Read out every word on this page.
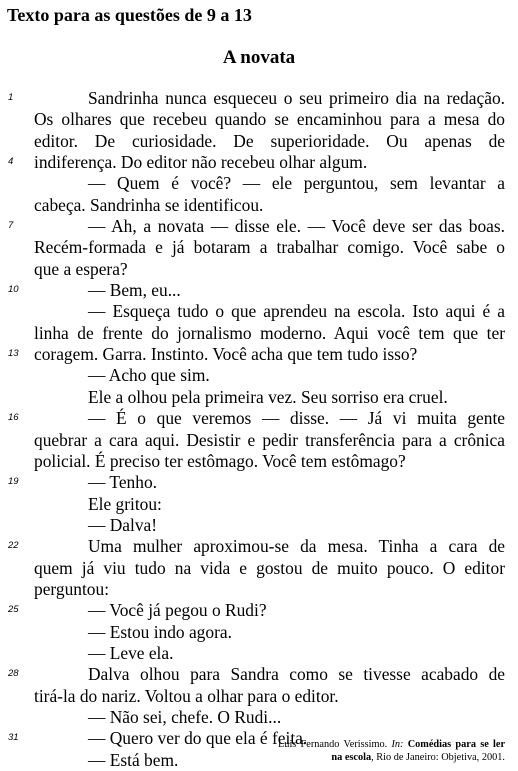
Texto para as questões de 9 a 13
A novata
1	Sandrinha nunca esqueceu o seu primeiro dia na redação.
Os olhares que recebeu quando se encaminhou para a mesa do
editor. De curiosidade. De superioridade. Ou apenas de
4 indiferença. Do editor não recebeu olhar algum.
— Quem é você? — ele perguntou, sem levantar a
cabeça. Sandrinha se identificou.
7	— Ah, a novata — disse ele. — Você deve ser das boas.
Recém-formada e já botaram a trabalhar comigo. Você sabe o
que a espera?
10	— Bem, eu...
— Esqueça tudo o que aprendeu na escola. Isto aqui é a
linha de frente do jornalismo moderno. Aqui você tem que ter
13 coragem. Garra. Instinto. Você acha que tem tudo isso?
— Acho que sim.
Ele a olhou pela primeira vez. Seu sorriso era cruel.
16	— É o que veremos — disse. — Já vi muita gente
quebrar a cara aqui. Desistir e pedir transferência para a crônica
policial. É preciso ter estômago. Você tem estômago?
19	— Tenho.
Ele gritou:
— Dalva!
22	Uma mulher aproximou-se da mesa. Tinha a cara de
quem já viu tudo na vida e gostou de muito pouco. O editor
perguntou:
25	— Você já pegou o Rudi?
— Estou indo agora.
— Leve ela.
28	Dalva olhou para Sandra como se tivesse acabado de
tirá-la do nariz. Voltou a olhar para o editor.
— Não sei, chefe. O Rudi...
31	— Quero ver do que ela é feita.
— Está bem.
Luis Fernando Verissimo. In: Comédias para se ler
na escola, Rio de Janeiro: Objetiva, 2001.
